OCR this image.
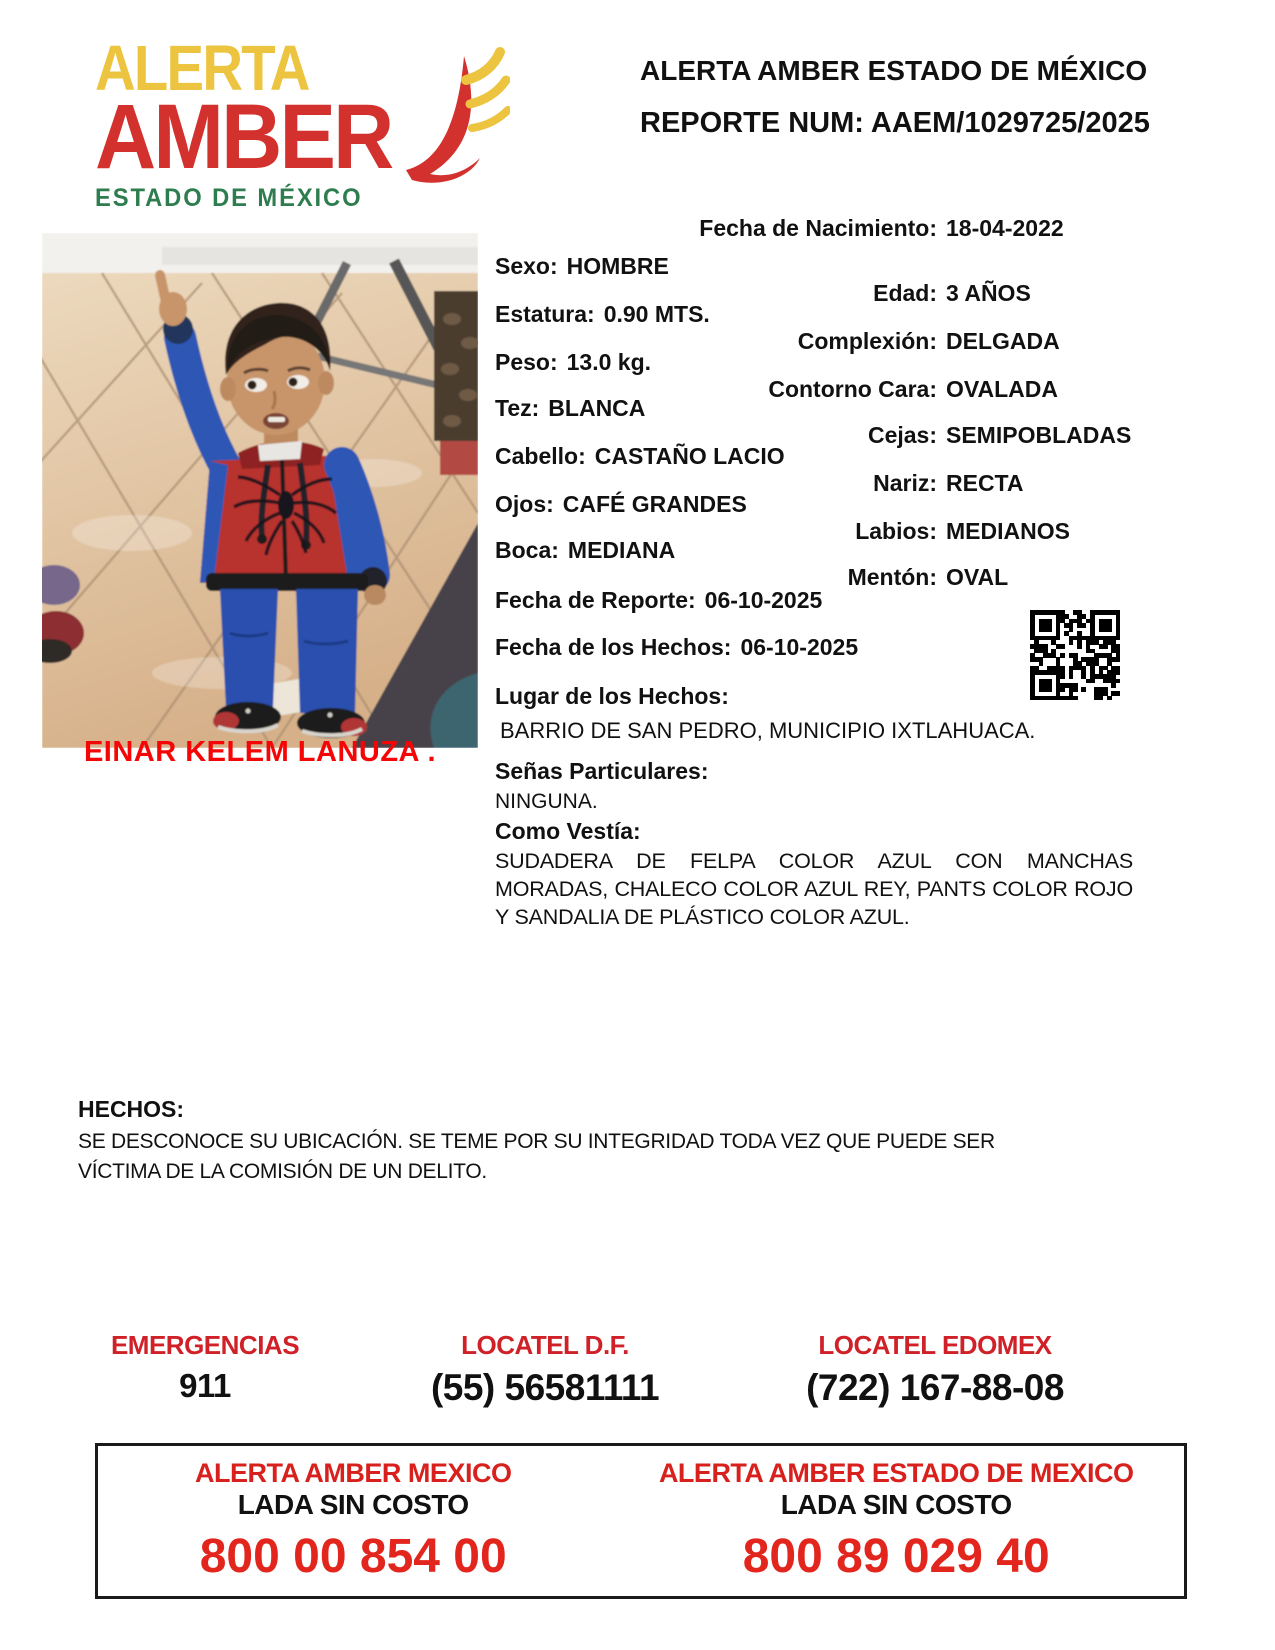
ALERTA
AMBER
ESTADO DE MÉXICO
ALERTA AMBER ESTADO DE MÉXICO
REPORTE NUM: AAEM/1029725/2025
EINAR KELEM LANUZA .
Fecha de Nacimiento: 18-04-2022
Sexo: HOMBRE
Edad: 3 AÑOS
Estatura: 0.90 MTS.
Complexión: DELGADA
Peso: 13.0 kg.
Contorno Cara: OVALADA
Tez: BLANCA
Cejas: SEMIPOBLADAS
Cabello: CASTAÑO LACIO
Nariz: RECTA
Ojos: CAFÉ GRANDES
Labios: MEDIANOS
Boca: MEDIANA
Mentón: OVAL
Fecha de Reporte: 06-10-2025
Fecha de los Hechos: 06-10-2025
Lugar de los Hechos:
BARRIO DE SAN PEDRO, MUNICIPIO IXTLAHUACA.
Señas Particulares:
NINGUNA.
Como Vestía:
SUDADERA DE FELPA COLOR AZUL CON MANCHAS MORADAS, CHALECO COLOR AZUL REY, PANTS COLOR ROJO Y SANDALIA DE PLÁSTICO COLOR AZUL.
HECHOS:
SE DESCONOCE SU UBICACIÓN. SE TEME POR SU INTEGRIDAD TODA VEZ QUE PUEDE SER VÍCTIMA DE LA COMISIÓN DE UN DELITO.
EMERGENCIAS
911
LOCATEL D.F.
(55) 56581111
LOCATEL EDOMEX
(722) 167-88-08
ALERTA AMBER MEXICO
LADA SIN COSTO
800 00 854 00
ALERTA AMBER ESTADO DE MEXICO
LADA SIN COSTO
800 89 029 40
